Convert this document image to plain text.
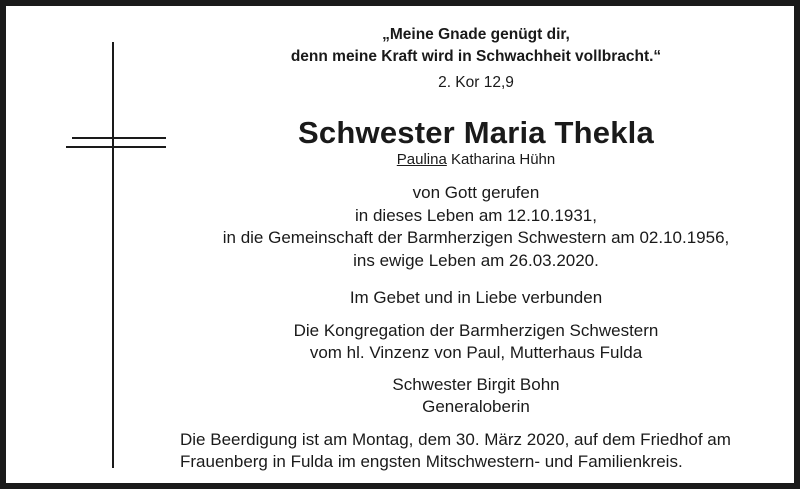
„Meine Gnade genügt dir,
denn meine Kraft wird in Schwachheit vollbracht.“
2. Kor 12,9
Schwester Maria Thekla
Paulina Katharina Hühn
von Gott gerufen
in dieses Leben am 12.10.1931,
in die Gemeinschaft der Barmherzigen Schwestern am 02.10.1956,
ins ewige Leben am 26.03.2020.
Im Gebet und in Liebe verbunden
Die Kongregation der Barmherzigen Schwestern
vom hl. Vinzenz von Paul, Mutterhaus Fulda
Schwester Birgit Bohn
Generaloberin
Die Beerdigung ist am Montag, dem 30. März 2020, auf dem Friedhof am
Frauenberg in Fulda im engsten Mitschwestern- und Familienkreis.
